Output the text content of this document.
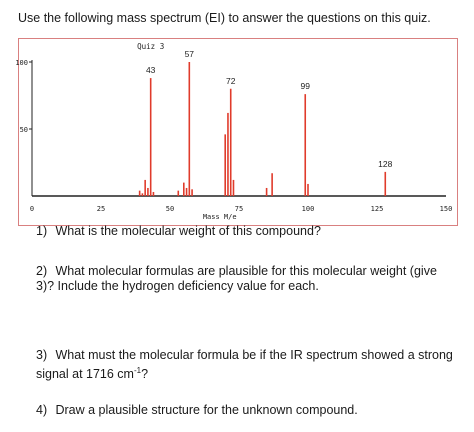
Use the following mass spectrum (EI) to answer the questions on this quiz.
100
50
0	25	50	75	100	125	150
43
57
72
99
128
Quiz 3
Mass M/e
1) What is the molecular weight of this compound?
2) What molecular formulas are plausible for this molecular weight (give 3)? Include the hydrogen deficiency value for each.
3) What must the molecular formula be if the IR spectrum showed a strong signal at 1716 $cm^{-1}$?
4) Draw a plausible structure for the unknown compound.
